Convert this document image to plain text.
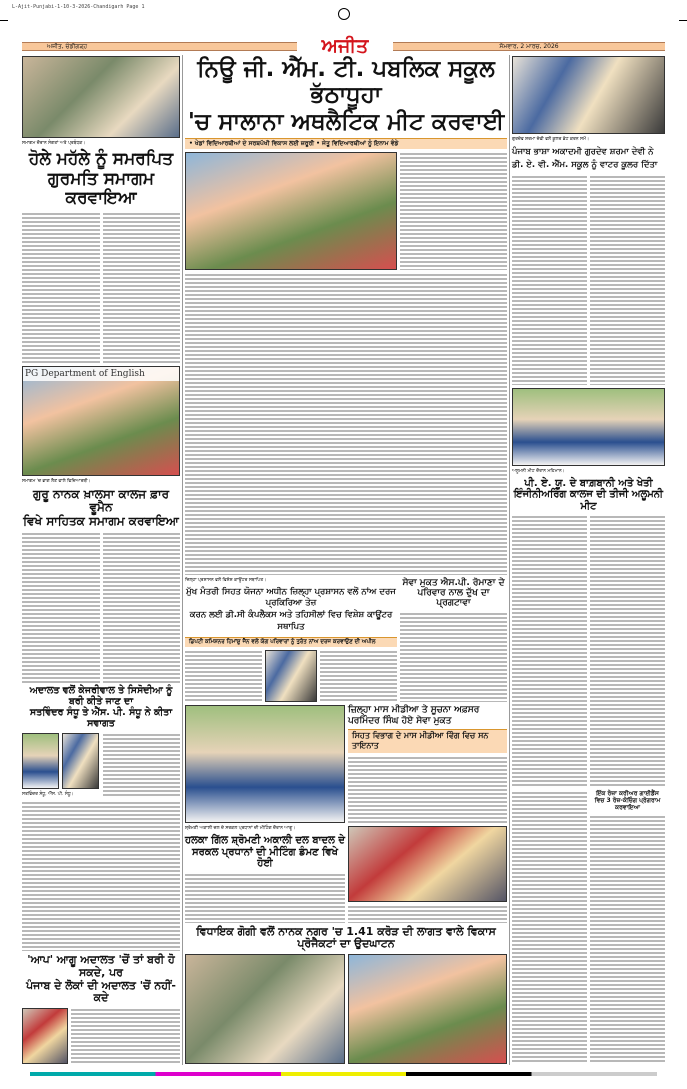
L-Ajit-Punjabi-1-10-3-2026-Chandigarh Page 1
ਅਜੀਤ, ਚੰਡੀਗੜ੍ਹ	ਅਜੀਤ	ਸੋਮਵਾਰ, 2 ਮਾਰਚ, 2026
ਸਮਾਗਮ ਦੌਰਾਨ ਸੰਗਤਾਂ ਅਤੇ ਪ੍ਰਬੰਧਕ।
ਹੋਲੇ ਮਹੱਲੇ ਨੂੰ ਸਮਰਪਿਤ
ਗੁਰਮਤਿ ਸਮਾਗਮ ਕਰਵਾਇਆ
PG Department of English
ਸਮਾਗਮ 'ਚ ਭਾਗ ਲੈਣ ਵਾਲੇ ਵਿਦਿਆਰਥੀ।
ਗੁਰੂ ਨਾਨਕ ਖ਼ਾਲਸਾ ਕਾਲਜ ਫ਼ਾਰ ਵੂਮੈਨ
ਵਿਖੇ ਸਾਹਿਤਕ ਸਮਾਗਮ ਕਰਵਾਇਆ
ਅਦਾਲਤ ਵਲੋਂ ਕੇਜਰੀਵਾਲ ਤੇ ਸਿਸੋਦੀਆ ਨੂੰ ਬਰੀ ਕੀਤੇ ਜਾਣ ਦਾ
ਸਤਵਿੰਦਰ ਸੰਧੂ ਤੇ ਐੱਸ. ਪੀ. ਸੰਧੂ ਨੇ ਕੀਤਾ ਸਵਾਗਤ
ਸਤਵਿੰਦਰ ਸੰਧੂ, ਐੱਸ. ਪੀ. ਸੰਧੂ।
'ਆਪ' ਆਗੂ ਅਦਾਲਤ 'ਚੋਂ ਤਾਂ ਬਰੀ ਹੋ ਸਕਦੇ, ਪਰ
ਪੰਜਾਬ ਦੇ ਲੋਕਾਂ ਦੀ ਅਦਾਲਤ 'ਚੋਂ ਨਹੀਂ-ਕਦੇ
ਨਿਊ ਜੀ. ਐੱਮ. ਟੀ. ਪਬਲਿਕ ਸਕੂਲ ਭੱਠਾਧੂਹਾ
'ਚ ਸਾਲਾਨਾ ਅਥਲੈਟਿਕ ਮੀਟ ਕਰਵਾਈ
• ਖੇਡਾਂ ਵਿਦਿਆਰਥੀਆਂ ਦੇ ਸਰਬਪੱਖੀ ਵਿਕਾਸ ਲਈ ਜ਼ਰੂਰੀ • ਜੇਤੂ ਵਿਦਿਆਰਥੀਆਂ ਨੂੰ ਇਨਾਮ ਵੰਡੇ
ਜ਼ਿਲ੍ਹਾ ਪ੍ਰਸ਼ਾਸਨ ਵਲੋਂ ਵਿਸ਼ੇਸ਼ ਕਾਊਂਟਰ ਸਥਾਪਿਤ।
ਮੁੱਖ ਮੰਤਰੀ ਸਿਹਤ ਯੋਜਨਾ ਅਧੀਨ ਜ਼ਿਲ੍ਹਾ ਪ੍ਰਸ਼ਾਸਨ ਵਲੋਂ ਨਾਂਅ ਦਰਜ ਪ੍ਰਕਿਰਿਆ ਤੇਜ਼
ਕਰਨ ਲਈ ਡੀ.ਸੀ ਕੰਪਲੈਕਸ ਅਤੇ ਤਹਿਸੀਲਾਂ ਵਿਚ ਵਿਸ਼ੇਸ਼ ਕਾਊਂਟਰ ਸਥਾਪਿਤ
ਡਿਪਟੀ ਕਮਿਸ਼ਨਰ ਹਿਮਾਂਸ਼ੂ ਜੈਨ ਵਲੋਂ ਯੋਗ ਪਰਿਵਾਰਾਂ ਨੂੰ ਤੁਰੰਤ ਨਾਂਅ ਦਰਜ ਕਰਵਾਉਣ ਦੀ ਅਪੀਲ
ਸੇਵਾ ਮੁਕਤ ਐਸ.ਪੀ. ਰੋਮਾਣਾ ਦੇ ਪਰਿਵਾਰ ਨਾਲ ਦੁੱਖ ਦਾ ਪ੍ਰਗਟਾਵਾ
ਜ਼ਿਲ੍ਹਾ ਮਾਸ ਮੀਡੀਆ ਤੇ ਸੂਚਨਾ ਅਫ਼ਸਰ ਪਰਮਿੰਦਰ ਸਿੰਘ ਹੋਏ ਸੇਵਾ ਮੁਕਤ
ਸਿਹਤ ਵਿਭਾਗ ਦੇ ਮਾਸ ਮੀਡੀਆ ਵਿੰਗ ਵਿਚ ਸਨ ਤਾਇਨਾਤ
ਸ਼੍ਰੋਮਣੀ ਅਕਾਲੀ ਦਲ ਦੇ ਸਰਕਲ ਪ੍ਰਧਾਨਾਂ ਦੀ ਮੀਟਿੰਗ ਦੌਰਾਨ ਆਗੂ।
ਹਲਕਾ ਗਿੱਲ ਸ਼੍ਰੋਮਣੀ ਅਕਾਲੀ ਦਲ ਬਾਦਲ ਦੇ
ਸਰਕਲ ਪ੍ਰਧਾਨਾਂ ਦੀ ਮੀਟਿੰਗ ਡੰਮਣ ਵਿਖੇ ਹੋਈ
ਵਿਧਾਇਕ ਗੋਗੀ ਵਲੋਂ ਨਾਨਕ ਨਗਰ 'ਚ 1.41 ਕਰੋੜ ਦੀ ਲਾਗਤ ਵਾਲੇ ਵਿਕਾਸ ਪ੍ਰੋਜੈਕਟਾਂ ਦਾ ਉਦਘਾਟਨ
ਗੁਰਦੇਵ ਸ਼ਰਮਾ ਦੇਵੀ ਵਲੋਂ ਕੂਲਰ ਭੇਟ ਕਰਨ ਸਮੇਂ।
ਪੰਜਾਬ ਭਾਸ਼ਾ ਅਕਾਦਮੀ ਗੁਰਦੇਵ ਸ਼ਰਮਾ ਦੇਵੀ ਨੇ
ਡੀ. ਏ. ਵੀ. ਐੱਮ. ਸਕੂਲ ਨੂੰ ਵਾਟਰ ਕੂਲਰ ਦਿੱਤਾ
ਅਲੂਮਨੀ ਮੀਟ ਦੌਰਾਨ ਮਹਿਮਾਨ।
ਪੀ. ਏ. ਯੂ. ਦੇ ਬਾਗ਼ਬਾਨੀ ਅਤੇ ਖੇਤੀ
ਇੰਜੀਨੀਅਰਿੰਗ ਕਾਲਜ ਦੀ ਤੀਜੀ ਅਲੂਮਨੀ ਮੀਟ
ਇੱਕ ਰੋਜ਼ਾ ਕਰੀਅਰ ਗਾਈਡੈਂਸ
ਵਿਚ 3 ਰੋਜ਼-ਕੋਚਿੰਗ ਪ੍ਰੋਗਰਾਮ ਕਰਵਾਇਆ
